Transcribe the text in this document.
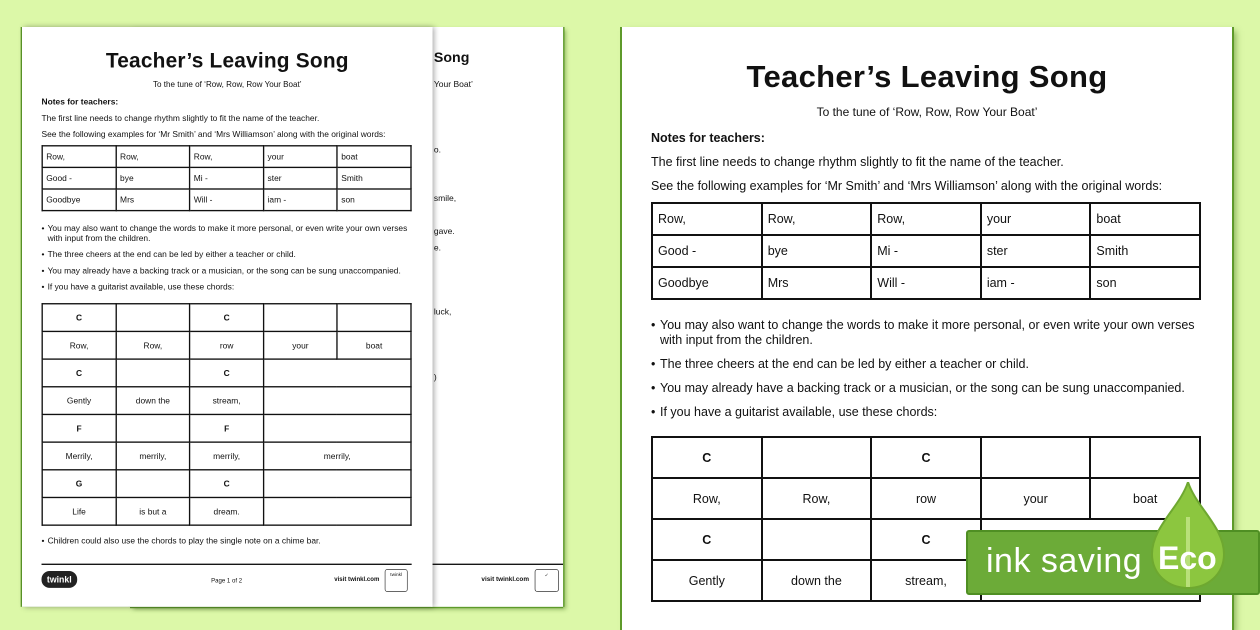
Song
Your Boat’
o.
smile,
gave.
e.
luck,
)
visit twinkl.com
✓
Teacher’s Leaving Song
To the tune of ‘Row, Row, Row Your Boat’

Notes for teachers:

The first line needs to change rhythm slightly to fit the name of the teacher.

See the following examples for ‘Mr Smith’ and ‘Mrs Williamson’ along with the original words:

Row,	Row,	Row,	your	boat
Good -	bye	Mi -	ster	Smith
Goodbye	Mrs	Will -	iam -	son
• You may also want to change the words to make it more personal, or even write your own verses with input from the children.
• The three cheers at the end can be led by either a teacher or child.
• You may already have a backing track or a musician, or the song can be sung unaccompanied.
• If you have a guitarist available, use these chords:
C		C		
Row,	Row,	row	your	boat
C		C		
Gently	down the	stream,		
F		F		
Merrily,	merrily,	merrily,	merrily,	
G		C		
Life	is but a	dream.		

• Children could also use the chords to play the single note on a chime bar.

twinkl	Page 1 of 2	visit twinkl.com
twinkl
Teacher’s Leaving Song
To the tune of ‘Row, Row, Row Your Boat’

Notes for teachers:

The first line needs to change rhythm slightly to fit the name of the teacher.

See the following examples for ‘Mr Smith’ and ‘Mrs Williamson’ along with the original words:

Row,	Row,	Row,	your	boat
Good -	bye	Mi -	ster	Smith
Goodbye	Mrs	Will -	iam -	son
• You may also want to change the words to make it more personal, or even write your own verses with input from the children.
• The three cheers at the end can be led by either a teacher or child.
• You may already have a backing track or a musician, or the song can be sung unaccompanied.
• If you have a guitarist available, use these chords:
C		C		
Row,	Row,	row	your	boat
C		C		
Gently	down the	stream,		
ink saving Eco
